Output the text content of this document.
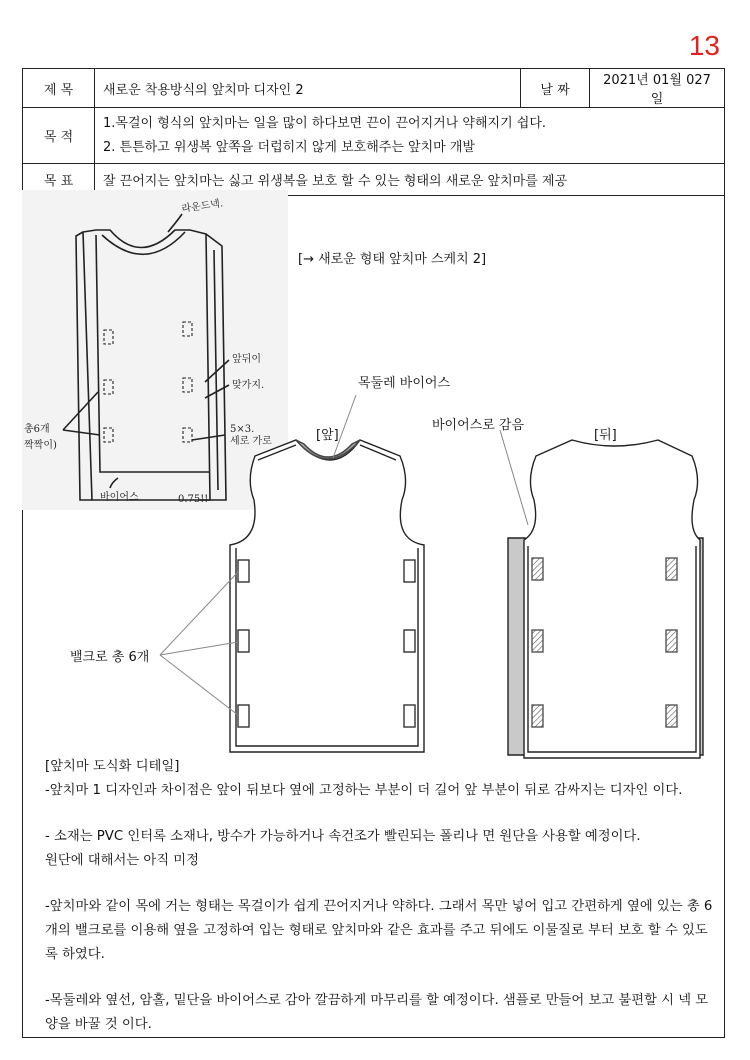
13
제 목	새로운 착용방식의 앞치마 디자인 2	날 짜	2021년 01월 027일
목 적	1.목걸이 형식의 앞치마는 일을 많이 하다보면 끈이 끈어지거나 약해지기 쉽다.
2. 튼튼하고 위생복 앞쪽을 더럽히지 않게 보호해주는 앞치마 개발		

목 표	잘 끈어지는 앞치마는 싫고 위생복을 보호 할 수 있는 형태의 새로운 앞치마를 제공		
라운드넥.
앞뒤이
맞가지.
5×3.
세로 가로
총6개
짝짝이)
바이어스	0.75!!
[→ 새로운 형태 앞치마 스케치 2]
목둘레 바이어스
[앞]
바이어스로 감음
[뒤]
밸크로 총 6개

[앞치마 도식화 디테일]

-앞치마 1 디자인과 차이점은 앞이 뒤보다 옆에 고정하는 부분이 더 길어 앞 부분이 뒤로 감싸지는 디자인 이다.

- 소재는 PVC 인터록 소재나, 방수가 가능하거나 속건조가 빨린되는 폴리나 면 원단을 사용할 예정이다.

원단에 대해서는 아직 미정

-앞치마와 같이 목에 거는 형태는 목걸이가 쉽게 끈어지거나 약하다. 그래서 목만 넣어 입고 간편하게 옆에 있는 총 6개의 밸크로를 이용해 옆을 고정하여 입는 형태로 앞치마와 같은 효과를 주고 뒤에도 이물질로 부터 보호 할 수 있도록 하였다.

-목둘레와 옆선, 암홀, 밑단을 바이어스로 감아 깔끔하게 마무리를 할 예정이다. 샘플로 만들어 보고 불편할 시 넥 모양을 바꿀 것 이다.
